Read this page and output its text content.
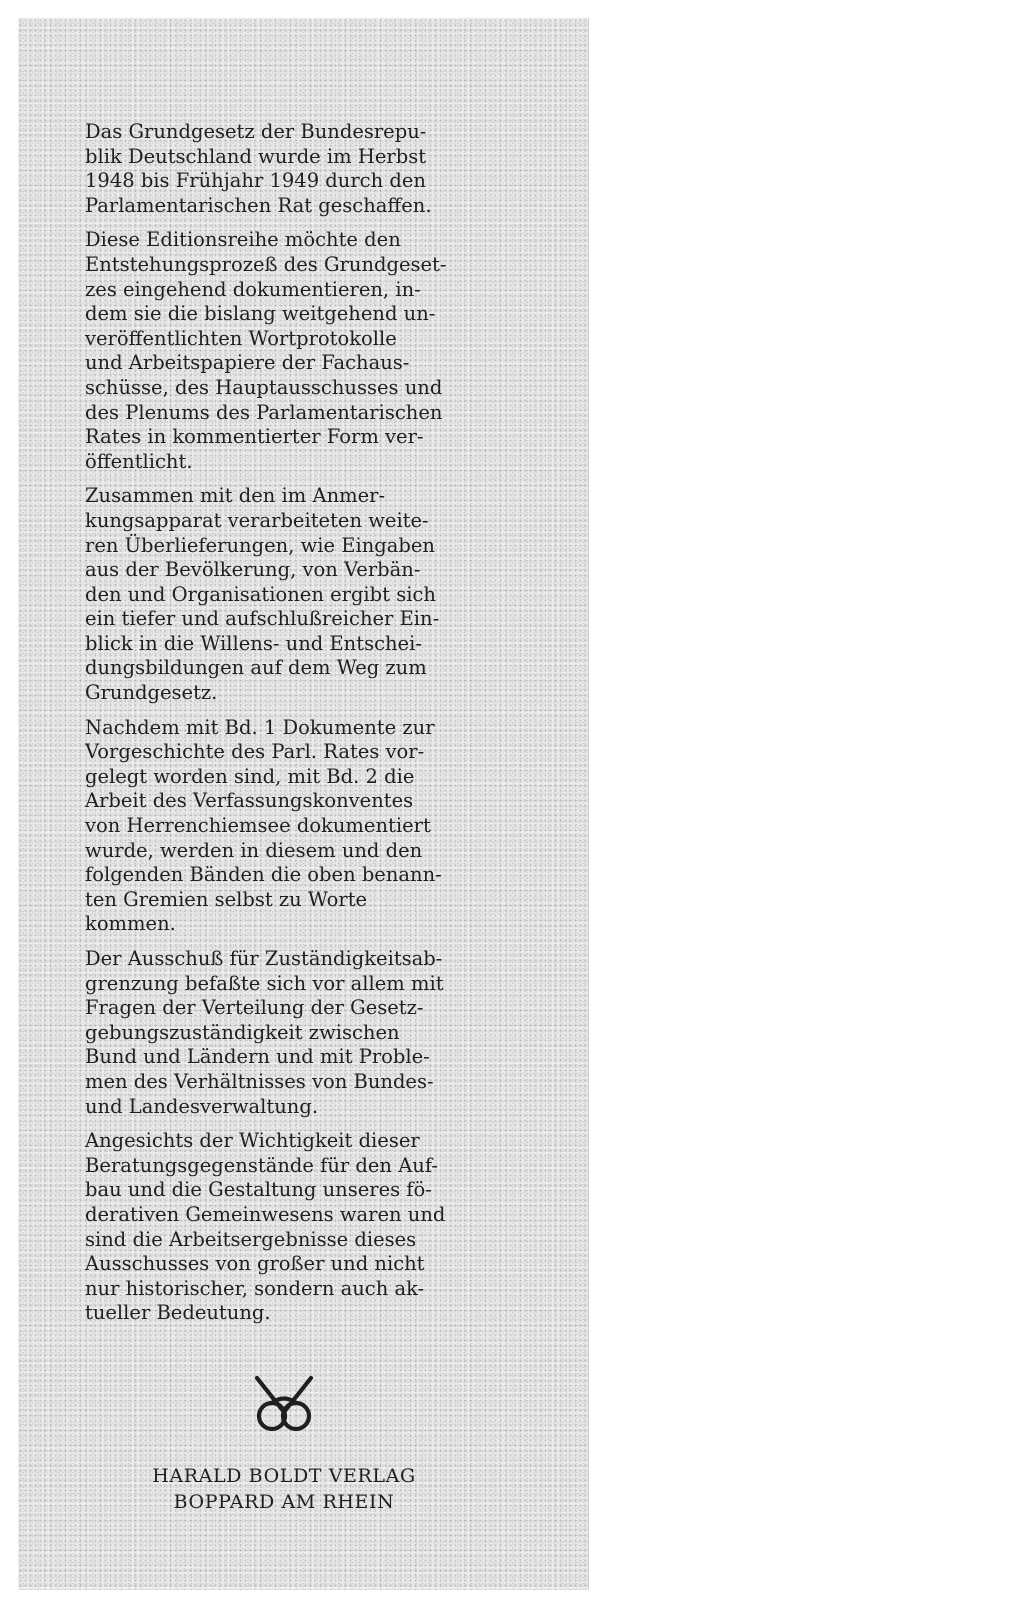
Das Grundgesetz der Bundesrepu-
blik Deutschland wurde im Herbst
1948 bis Frühjahr 1949 durch den
Parlamentarischen Rat geschaffen.

Diese Editionsreihe möchte den
Entstehungsprozeß des Grundgeset-
zes eingehend dokumentieren, in-
dem sie die bislang weitgehend un-
veröffentlichten Wortprotokolle
und Arbeitspapiere der Fachaus-
schüsse, des Hauptausschusses und
des Plenums des Parlamentarischen
Rates in kommentierter Form ver-
öffentlicht.

Zusammen mit den im Anmer-
kungsapparat verarbeiteten weite-
ren Überlieferungen, wie Eingaben
aus der Bevölkerung, von Verbän-
den und Organisationen ergibt sich
ein tiefer und aufschlußreicher Ein-
blick in die Willens- und Entschei-
dungsbildungen auf dem Weg zum
Grundgesetz.

Nachdem mit Bd. 1 Dokumente zur
Vorgeschichte des Parl. Rates vor-
gelegt worden sind, mit Bd. 2 die
Arbeit des Verfassungskonventes
von Herrenchiemsee dokumentiert
wurde, werden in diesem und den
folgenden Bänden die oben benann-
ten Gremien selbst zu Worte
kommen.

Der Ausschuß für Zuständigkeitsab-
grenzung befaßte sich vor allem mit
Fragen der Verteilung der Gesetz-
gebungszuständigkeit zwischen
Bund und Ländern und mit Proble-
men des Verhältnisses von Bundes-
und Landesverwaltung.

Angesichts der Wichtigkeit dieser
Beratungsgegenstände für den Auf-
bau und die Gestaltung unseres fö-
derativen Gemeinwesens waren und
sind die Arbeitsergebnisse dieses
Ausschusses von großer und nicht
nur historischer, sondern auch ak-
tueller Bedeutung.

HARALD BOLDT VERLAG
BOPPARD AM RHEIN
